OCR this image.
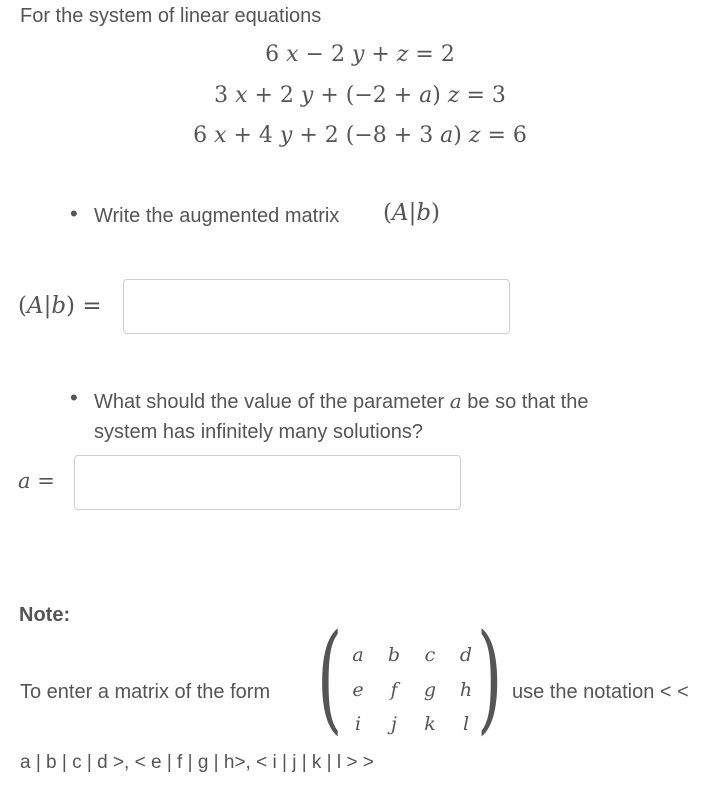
For the system of linear equations
6 𝑥 − 2 𝑦 + 𝑧 = 2
3 𝑥 + 2 𝑦 + (−2 + 𝑎) 𝑧 = 3
6 𝑥 + 4 𝑦 + 2 (−8 + 3 𝑎) 𝑧 = 6
• Write the augmented matrix (𝐴|𝑏)
(𝐴|𝑏) =
• What should the value of the parameter 𝑎 be so that the
system has infinitely many solutions?
𝑎 =
Note:
To enter a matrix of the form ( )
a	b	c	d
e	f	g	h
i	j	k	l
use the notation < <
a | b | c | d >, < e | f | g | h>, < i | j | k | l > >
